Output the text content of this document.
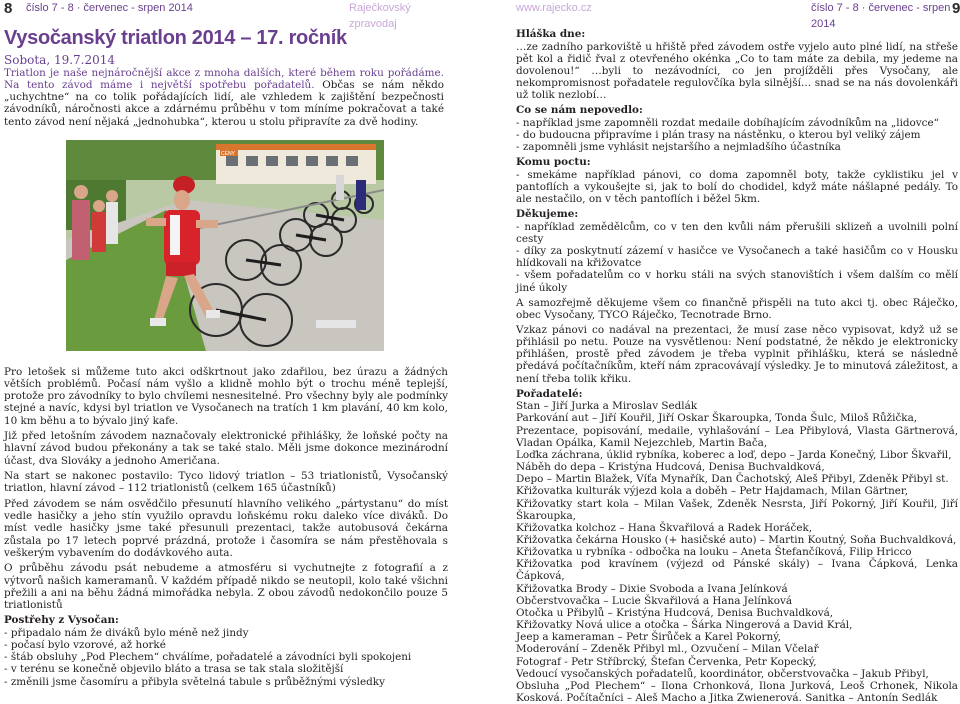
8 číslo 7 - 8 · červenec - srpen 2014	Raječkovský zpravodaj
Vysočanský triatlon 2014 – 17. ročník
Sobota, 19.7.2014
Triatlon je naše nejnáročnější akce z mnoha dalších, které během roku pořádáme. Na tento závod máme i největší spotřebu pořadatelů. Občas se nám někdo „uchychtne“ na co tolik pořádajících lidí, ale vzhledem k zajištění bezpečnosti závodníků, náročnosti akce a zdárnému průběhu v tom míníme pokračovat a také tento závod není nějaká „jednohubka“, kterou u stolu připravíte za dvě hodiny.
CENY

Pro letošek si můžeme tuto akci odškrtnout jako zdařilou, bez úrazu a žádných větších problémů. Počasí nám vyšlo a klidně mohlo být o trochu méně teplejší, protože pro závodníky to bylo chvílemi nesnesitelné. Pro všechny byly ale podmínky stejné a navíc, kdysi byl triatlon ve Vysočanech na tratích 1 km plavání, 40 km kolo, 10 km běhu a to bývalo jiný kafe.

Již před letošním závodem naznačovaly elektronické přihlášky, že loňské počty na hlavní závod budou překonány a tak se také stalo. Měli jsme dokonce mezinárodní účast, dva Slováky a jednoho Američana.

Na start se nakonec postavilo: Tyco lidový triatlon – 53 triatlonistů, Vysočanský triatlon, hlavní závod – 112 triatlonistů (celkem 165 účastníků)

Před závodem se nám osvědčilo přesunutí hlavního velikého „pártystanu“ do míst vedle hasičky a jeho stín využilo opravdu loňskému roku daleko více diváků. Do míst vedle hasičky jsme také přesunuli prezentaci, takže autobusová čekárna zůstala po 17 letech poprvé prázdná, protože i časomíra se nám přestěhovala s veškerým vybavením do dodávkového auta.

O průběhu závodu psát nebudeme a atmosféru si vychutnejte z fotografií a z výtvorů našich kameramanů. V každém případě nikdo se neutopil, kolo také všichni přežili a ani na běhu žádná mimořádka nebyla. Z obou závodů nedokončilo pouze 5 triatlonistů

Postřehy z Vysočan:

- připadalo nám že diváků bylo méně než jindy

- počasí bylo vzorové, až horké

- štáb obsluhy „Pod Plechem“ chválíme, pořadatelé a závodníci byli spokojeni

- v terénu se konečně objevilo bláto a trasa se tak stala složitější

- změnili jsme časomíru a přibyla světelná tabule s průběžnými výsledky

www.rajecko.cz	číslo 7 - 8 · červenec - srpen 2014
9
Hláška dne:

…ze zadního parkoviště u hřiště před závodem ostře vyjelo auto plné lidí, na střeše pět kol a řidič řval z otevřeného okénka „Co to tam máte za debila, my jedeme na dovolenou!“ …byli to nezávodníci, co jen projížděli přes Vysočany, ale nekompromisnost pořadatele regulovčíka byla silnější… snad se na nás dovolenkáři už tolik nezlobí…

Co se nám nepovedlo:

- například jsme zapomněli rozdat medaile dobíhajícím závodníkům na „lidovce“

- do budoucna připravíme i plán trasy na nástěnku, o kterou byl veliký zájem

- zapomněli jsme vyhlásit nejstaršího a nejmladšího účastníka

Komu poctu:

- smekáme například pánovi, co doma zapomněl boty, takže cyklistiku jel v pantoflích a vykoušejte si, jak to bolí do chodidel, když máte nášlapné pedály. To ale nestačilo, on v těch pantoflích i běžel 5km.

Děkujeme:

- například zemědělcům, co v ten den kvůli nám přerušili sklizeň a uvolnili polní cesty

- díky za poskytnutí zázemí v hasičce ve Vysočanech a také hasičům co v Housku hlídkovali na křižovatce

- všem pořadatelům co v horku stáli na svých stanovištích i všem dalším co mělí jiné úkoly

A samozřejmě děkujeme všem co finančně přispěli na tuto akci tj. obec Ráječko, obec Vysočany, TYCO Ráječko, Tecnotrade Brno.

Vzkaz pánovi co nadával na prezentaci, že musí zase něco vypisovat, když už se přihlásil po netu. Pouze na vysvětlenou: Není podstatné, že někdo je elektronicky přihlášen, prostě před závodem je třeba vyplnit přihlášku, která se následně předává počítačníkům, kteří nám zpracovávají výsledky. Je to minutová záležitost, a není třeba tolik křiku.

Pořadatelé:

Stan – Jiří Jurka a Miroslav Sedlák

Parkování aut – Jiří Kouřil, Jiří Oskar Škaroupka, Tonda Šulc, Miloš Růžička,

Prezentace, popisování, medaile, vyhlašování – Lea Přibylová, Vlasta Gärtnerová, Vladan Opálka, Kamil Nejezchleb, Martin Bača,

Loďka záchrana, úklid rybníka, koberec a loď, depo – Jarda Konečný, Libor Škvařil,

Náběh do depa – Kristýna Hudcová, Denisa Buchvaldková,

Depo – Martin Blažek, Víťa Mynařík, Dan Čachotský, Aleš Přibyl, Zdeněk Přibyl st.

Křižovatka kulturák výjezd kola a doběh – Petr Hajdamach, Milan Gärtner,

Křižovatky start kola – Milan Vašek, Zdeněk Nesrsta, Jiří Pokorný, Jiří Kouřil, Jiří Škaroupka,

Křižovatka kolchoz – Hana Škvařilová a Radek Horáček,

Křižovatka čekárna Housko (+ hasičské auto) – Martin Koutný, Soňa Buchvaldková,

Křižovatka u rybníka - odbočka na louku – Aneta Štefančíková, Filip Hricco

Křižovatka pod kravínem (výjezd od Pánské skály) – Ivana Čápková, Lenka Čápková,

Křižovatka Brody – Dixie Svoboda a Ivana Jelínková

Občerstvovačka – Lucie Škvařilová a Hana Jelínková

Otočka u Přibylů – Kristýna Hudcová, Denisa Buchvaldková,

Křižovatky Nová ulice a otočka – Šárka Ningerová a David Král,

Jeep a kameraman – Petr Širůček a Karel Pokorný,

Moderování – Zdeněk Přibyl ml., Ozvučení – Milan Včelař

Fotograf - Petr Stříbrcký, Štefan Červenka, Petr Kopecký,

Vedoucí vysočanských pořadatelů, koordinátor, občerstvovačka – Jakub Přibyl,

Obsluha „Pod Plechem“ – Ilona Crhonková, Ilona Jurková, Leoš Crhonek, Nikola Kosková. Počítačníci – Aleš Macho a Jitka Zwienerová. Sanitka – Antonín Sedlák
